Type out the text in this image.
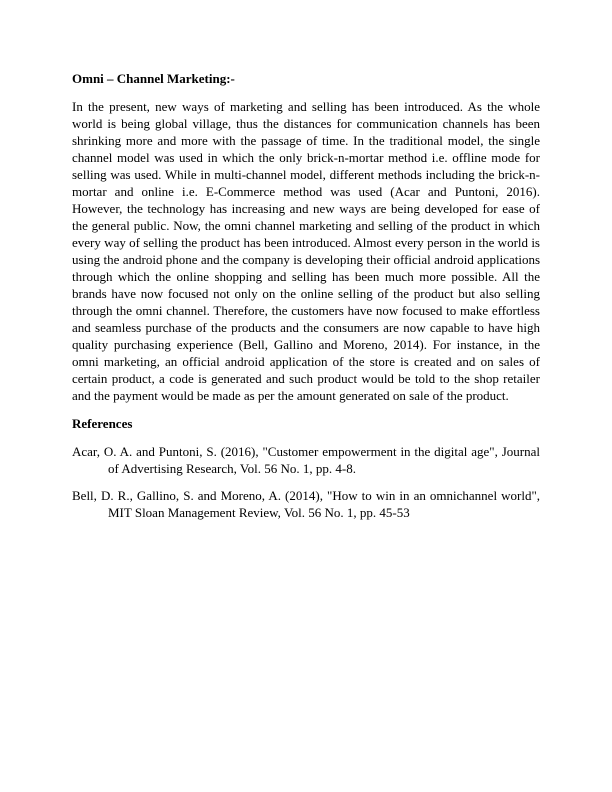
Omni – Channel Marketing:-
In the present, new ways of marketing and selling has been introduced. As the whole world is being global village, thus the distances for communication channels has been shrinking more and more with the passage of time. In the traditional model, the single channel model was used in which the only brick-n-mortar method i.e. offline mode for selling was used. While in multi-channel model, different methods including the brick-n-mortar and online i.e. E-Commerce method was used (Acar and Puntoni, 2016). However, the technology has increasing and new ways are being developed for ease of the general public. Now, the omni channel marketing and selling of the product in which every way of selling the product has been introduced. Almost every person in the world is using the android phone and the company is developing their official android applications through which the online shopping and selling has been much more possible. All the brands have now focused not only on the online selling of the product but also selling through the omni channel. Therefore, the customers have now focused to make effortless and seamless purchase of the products and the consumers are now capable to have high quality purchasing experience (Bell, Gallino and Moreno, 2014). For instance, in the omni marketing, an official android application of the store is created and on sales of certain product, a code is generated and such product would be told to the shop retailer and the payment would be made as per the amount generated on sale of the product.
References
Acar, O. A. and Puntoni, S. (2016), "Customer empowerment in the digital age", Journal of Advertising Research, Vol. 56 No. 1, pp. 4-8.
Bell, D. R., Gallino, S. and Moreno, A. (2014), "How to win in an omnichannel world", MIT Sloan Management Review, Vol. 56 No. 1, pp. 45-53
